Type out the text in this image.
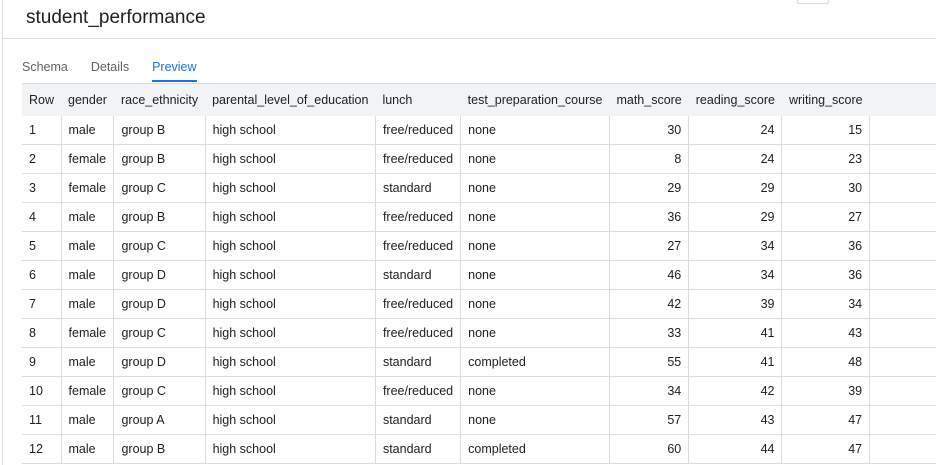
student_performance
Schema Details Preview
Row	gender	race_ethnicity	parental_level_of_education	lunch	test_preparation_course	math_score	reading_score	writing_score	
1	male	group B	high school	free/reduced	none	30	24	15	
2	female	group B	high school	free/reduced	none	8	24	23	
3	female	group C	high school	standard	none	29	29	30	
4	male	group B	high school	free/reduced	none	36	29	27	
5	male	group C	high school	free/reduced	none	27	34	36	
6	male	group D	high school	standard	none	46	34	36	
7	male	group D	high school	free/reduced	none	42	39	34	
8	female	group C	high school	free/reduced	none	33	41	43	
9	male	group D	high school	standard	completed	55	41	48	
10	female	group C	high school	free/reduced	none	34	42	39	
11	male	group A	high school	standard	none	57	43	47	
12	male	group B	high school	standard	completed	60	44	47	
